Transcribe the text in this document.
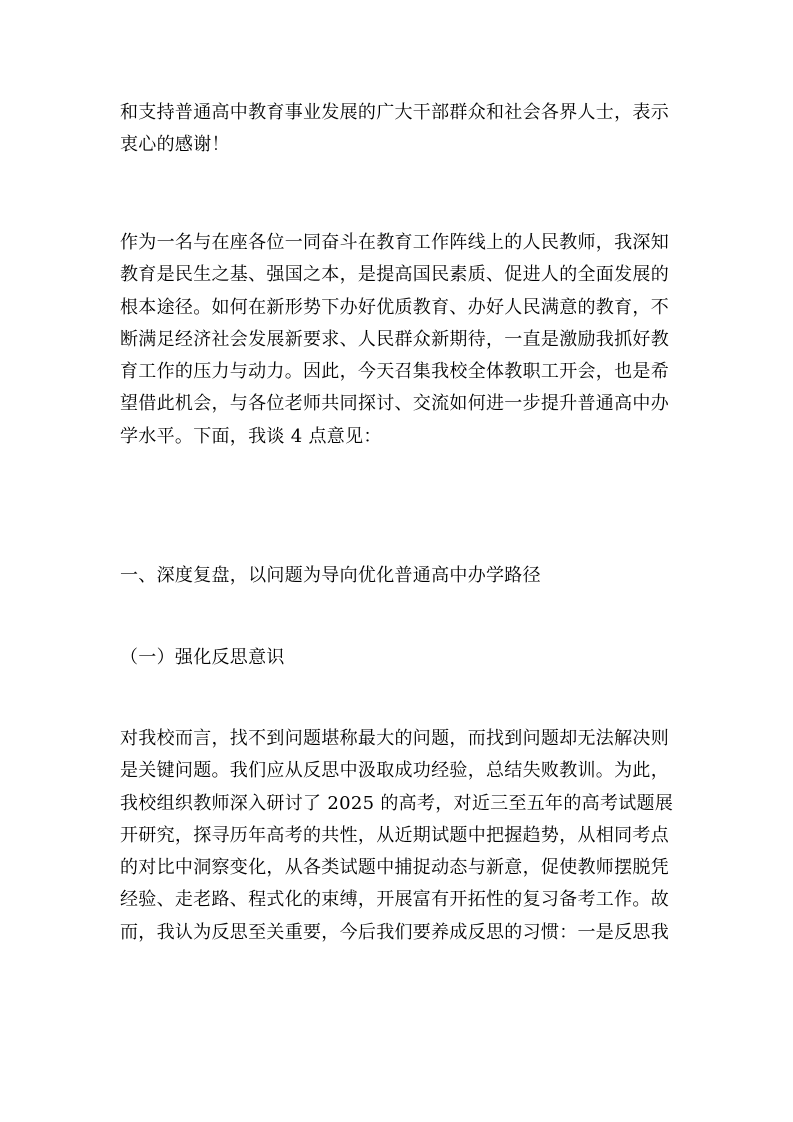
和支持普通高中教育事业发展的广大干部群众和社会各界人士，表示
衷心的感谢！
作为一名与在座各位一同奋斗在教育工作阵线上的人民教师，我深知
教育是民生之基、强国之本，是提高国民素质、促进人的全面发展的
根本途径。如何在新形势下办好优质教育、办好人民满意的教育，不
断满足经济社会发展新要求、人民群众新期待，一直是激励我抓好教
育工作的压力与动力。因此，今天召集我校全体教职工开会，也是希
望借此机会，与各位老师共同探讨、交流如何进一步提升普通高中办
学水平。下面，我谈 4 点意见：
一、深度复盘，以问题为导向优化普通高中办学路径
（一）强化反思意识
对我校而言，找不到问题堪称最大的问题，而找到问题却无法解决则
是关键问题。我们应从反思中汲取成功经验，总结失败教训。为此，
我校组织教师深入研讨了 2025 的高考，对近三至五年的高考试题展
开研究，探寻历年高考的共性，从近期试题中把握趋势，从相同考点
的对比中洞察变化，从各类试题中捕捉动态与新意，促使教师摆脱凭
经验、走老路、程式化的束缚，开展富有开拓性的复习备考工作。故
而，我认为反思至关重要，今后我们要养成反思的习惯：一是反思我
